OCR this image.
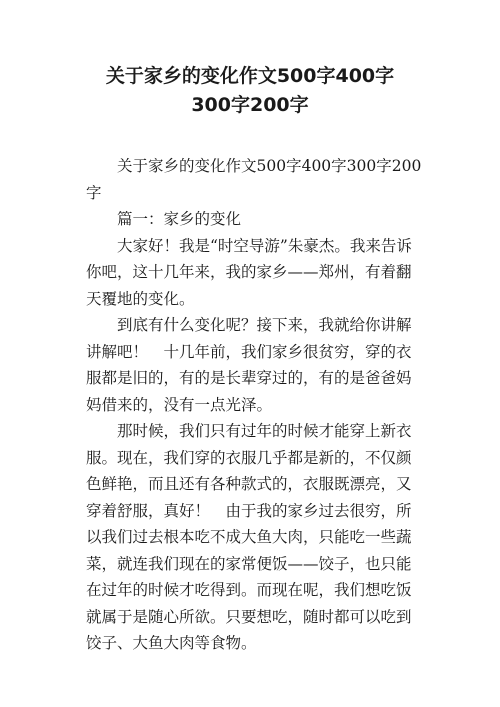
关于家乡的变化作文500字400字
300字200字

关于家乡的变化作文500字400字300字200字

篇一：家乡的变化

大家好！我是“时空导游”朱豪杰。我来告诉你吧，这十几年来，我的家乡——郑州，有着翻天覆地的变化。

到底有什么变化呢？接下来，我就给你讲解讲解吧！　十几年前，我们家乡很贫穷，穿的衣服都是旧的，有的是长辈穿过的，有的是爸爸妈妈借来的，没有一点光泽。

那时候，我们只有过年的时候才能穿上新衣服。现在，我们穿的衣服几乎都是新的，不仅颜色鲜艳，而且还有各种款式的，衣服既漂亮，又穿着舒服，真好！　由于我的家乡过去很穷，所以我们过去根本吃不成大鱼大肉，只能吃一些蔬菜，就连我们现在的家常便饭——饺子，也只能在过年的时候才吃得到。而现在呢，我们想吃饭就属于是随心所欲。只要想吃，随时都可以吃到饺子、大鱼大肉等食物。
